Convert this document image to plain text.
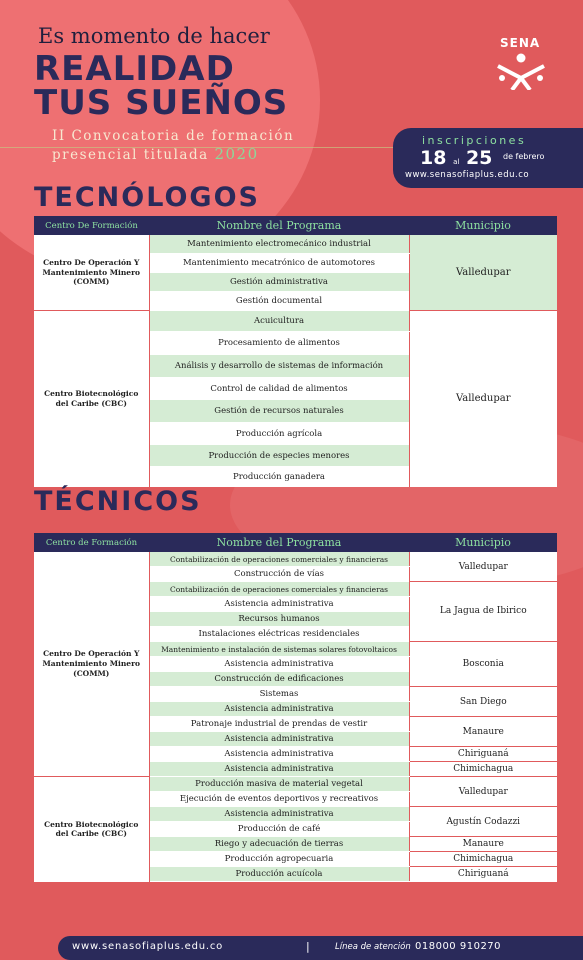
Es momento de hacer
REALIDAD
TUS SUEÑOS
II Convocatoria de formación
presencial titulada 2020
SENA
inscripciones
18 al 25 de febrero
www.senasofiaplus.edu.co
TECNÓLOGOS
Centro De Formación	Nombre del Programa	Municipio
Centro De Operación Y Mantenimiento Minero (COMM)	Mantenimiento electromecánico industrial	Valledupar
	Mantenimiento mecatrónico de automotores	
	Gestión administrativa	
	Gestión documental	
Centro Biotecnológico del Caribe (CBC)	Acuicultura	Valledupar
	Procesamiento de alimentos	
	Análisis y desarrollo de sistemas de información	
	Control de calidad de alimentos	
	Gestión de recursos naturales	
	Producción agrícola	
	Producción de especies menores	
	Producción ganadera	
TÉCNICOS
Centro de Formación	Nombre del Programa	Municipio
Centro De Operación Y Mantenimiento Minero (COMM)	Contabilización de operaciones comerciales y financieras	Valledupar
	Construcción de vías	
	Contabilización de operaciones comerciales y financieras	La Jagua de Ibirico
	Asistencia administrativa	
	Recursos humanos	
	Instalaciones eléctricas residenciales	
	Mantenimiento e instalación de sistemas solares fotovoltaicos	Bosconia
	Asistencia administrativa	
	Construcción de edificaciones	
	Sistemas	San Diego
	Asistencia administrativa	
	Patronaje industrial de prendas de vestir	Manaure
	Asistencia administrativa	
	Asistencia administrativa	Chiriguaná
	Asistencia administrativa	Chimichagua
Centro Biotecnológico del Caribe (CBC)	Producción masiva de material vegetal	Valledupar
	Ejecución de eventos deportivos y recreativos	
	Asistencia administrativa	Agustín Codazzi
	Producción de café	
	Riego y adecuación de tierras	Manaure
	Producción agropecuaria	Chimichagua
	Producción acuícola	Chiriguaná
www.senasofiaplus.edu.co	|	Línea de atención 018000 910270
